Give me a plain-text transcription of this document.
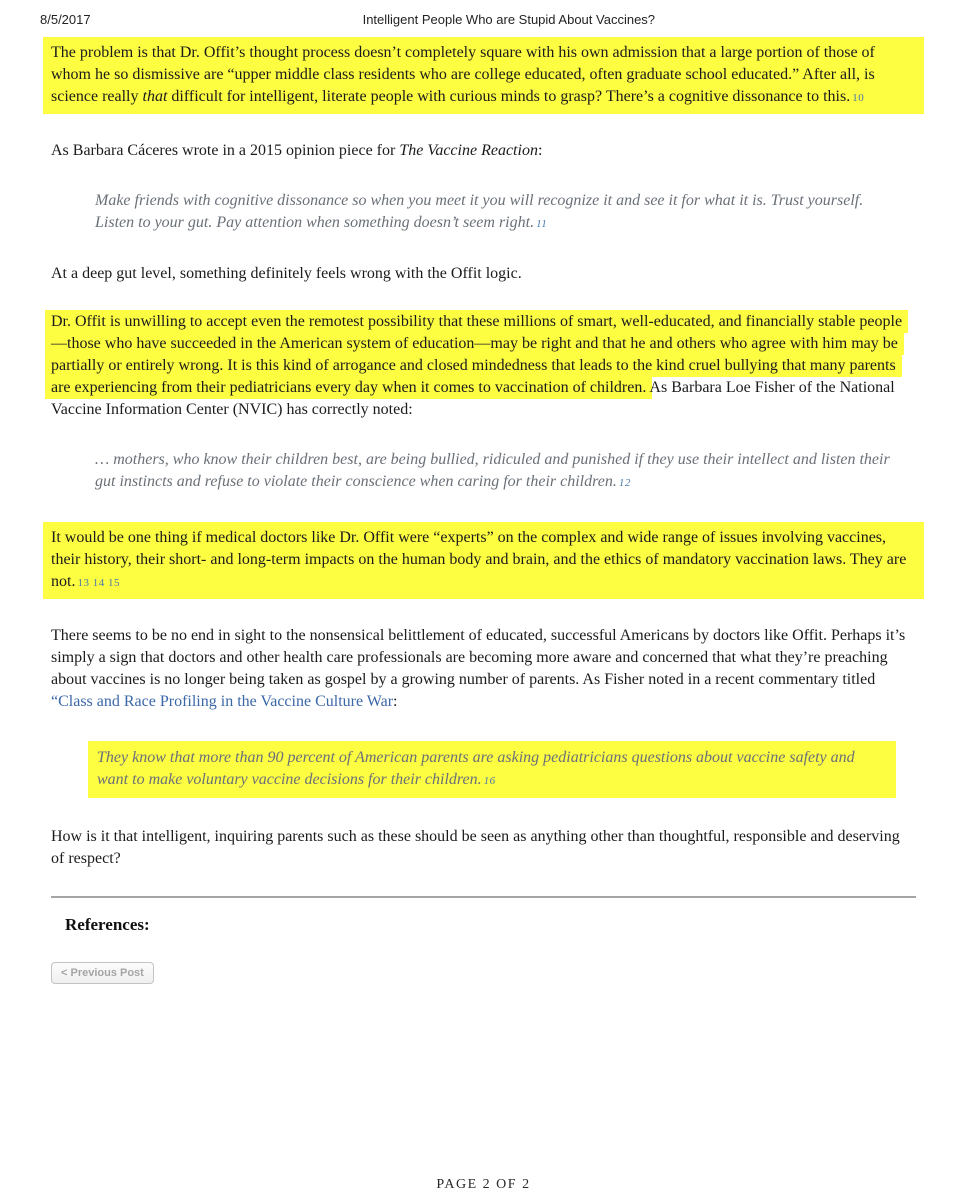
8/5/2017	Intelligent People Who are Stupid About Vaccines?

The problem is that Dr. Offit’s thought process doesn’t completely square with his own admission that a large portion of those of whom he so dismissive are “upper middle class residents who are college educated, often graduate school educated.” After all, is science really that difficult for intelligent, literate people with curious minds to grasp? There’s a cognitive dissonance to this. 10

As Barbara Cáceres wrote in a 2015 opinion piece for The Vaccine Reaction:

Make friends with cognitive dissonance so when you meet it you will recognize it and see it for what it is. Trust yourself. Listen to your gut. Pay attention when something doesn’t seem right. 11

At a deep gut level, something definitely feels wrong with the Offit logic.

Dr. Offit is unwilling to accept even the remotest possibility that these millions of smart, well-educated, and financially stable people—those who have succeeded in the American system of education—may be right and that he and others who agree with him may be partially or entirely wrong. It is this kind of arrogance and closed mindedness that leads to the kind cruel bullying that many parents are experiencing from their pediatricians every day when it comes to vaccination of children. As Barbara Loe Fisher of the National Vaccine Information Center (NVIC) has correctly noted:

… mothers, who know their children best, are being bullied, ridiculed and punished if they use their intellect and listen their gut instincts and refuse to violate their conscience when caring for their children. 12

It would be one thing if medical doctors like Dr. Offit were “experts” on the complex and wide range of issues involving vaccines, their history, their short- and long-term impacts on the human body and brain, and the ethics of mandatory vaccination laws. They are not. 13 14 15

There seems to be no end in sight to the nonsensical belittlement of educated, successful Americans by doctors like Offit. Perhaps it’s simply a sign that doctors and other health care professionals are becoming more aware and concerned that what they’re preaching about vaccines is no longer being taken as gospel by a growing number of parents. As Fisher noted in a recent commentary titled “Class and Race Profiling in the Vaccine Culture War:

They know that more than 90 percent of American parents are asking pediatricians questions about vaccine safety and want to make voluntary vaccine decisions for their children. 16

How is it that intelligent, inquiring parents such as these should be seen as anything other than thoughtful, responsible and deserving of respect?

References:
< Previous Post
PAGE 2 OF 2
